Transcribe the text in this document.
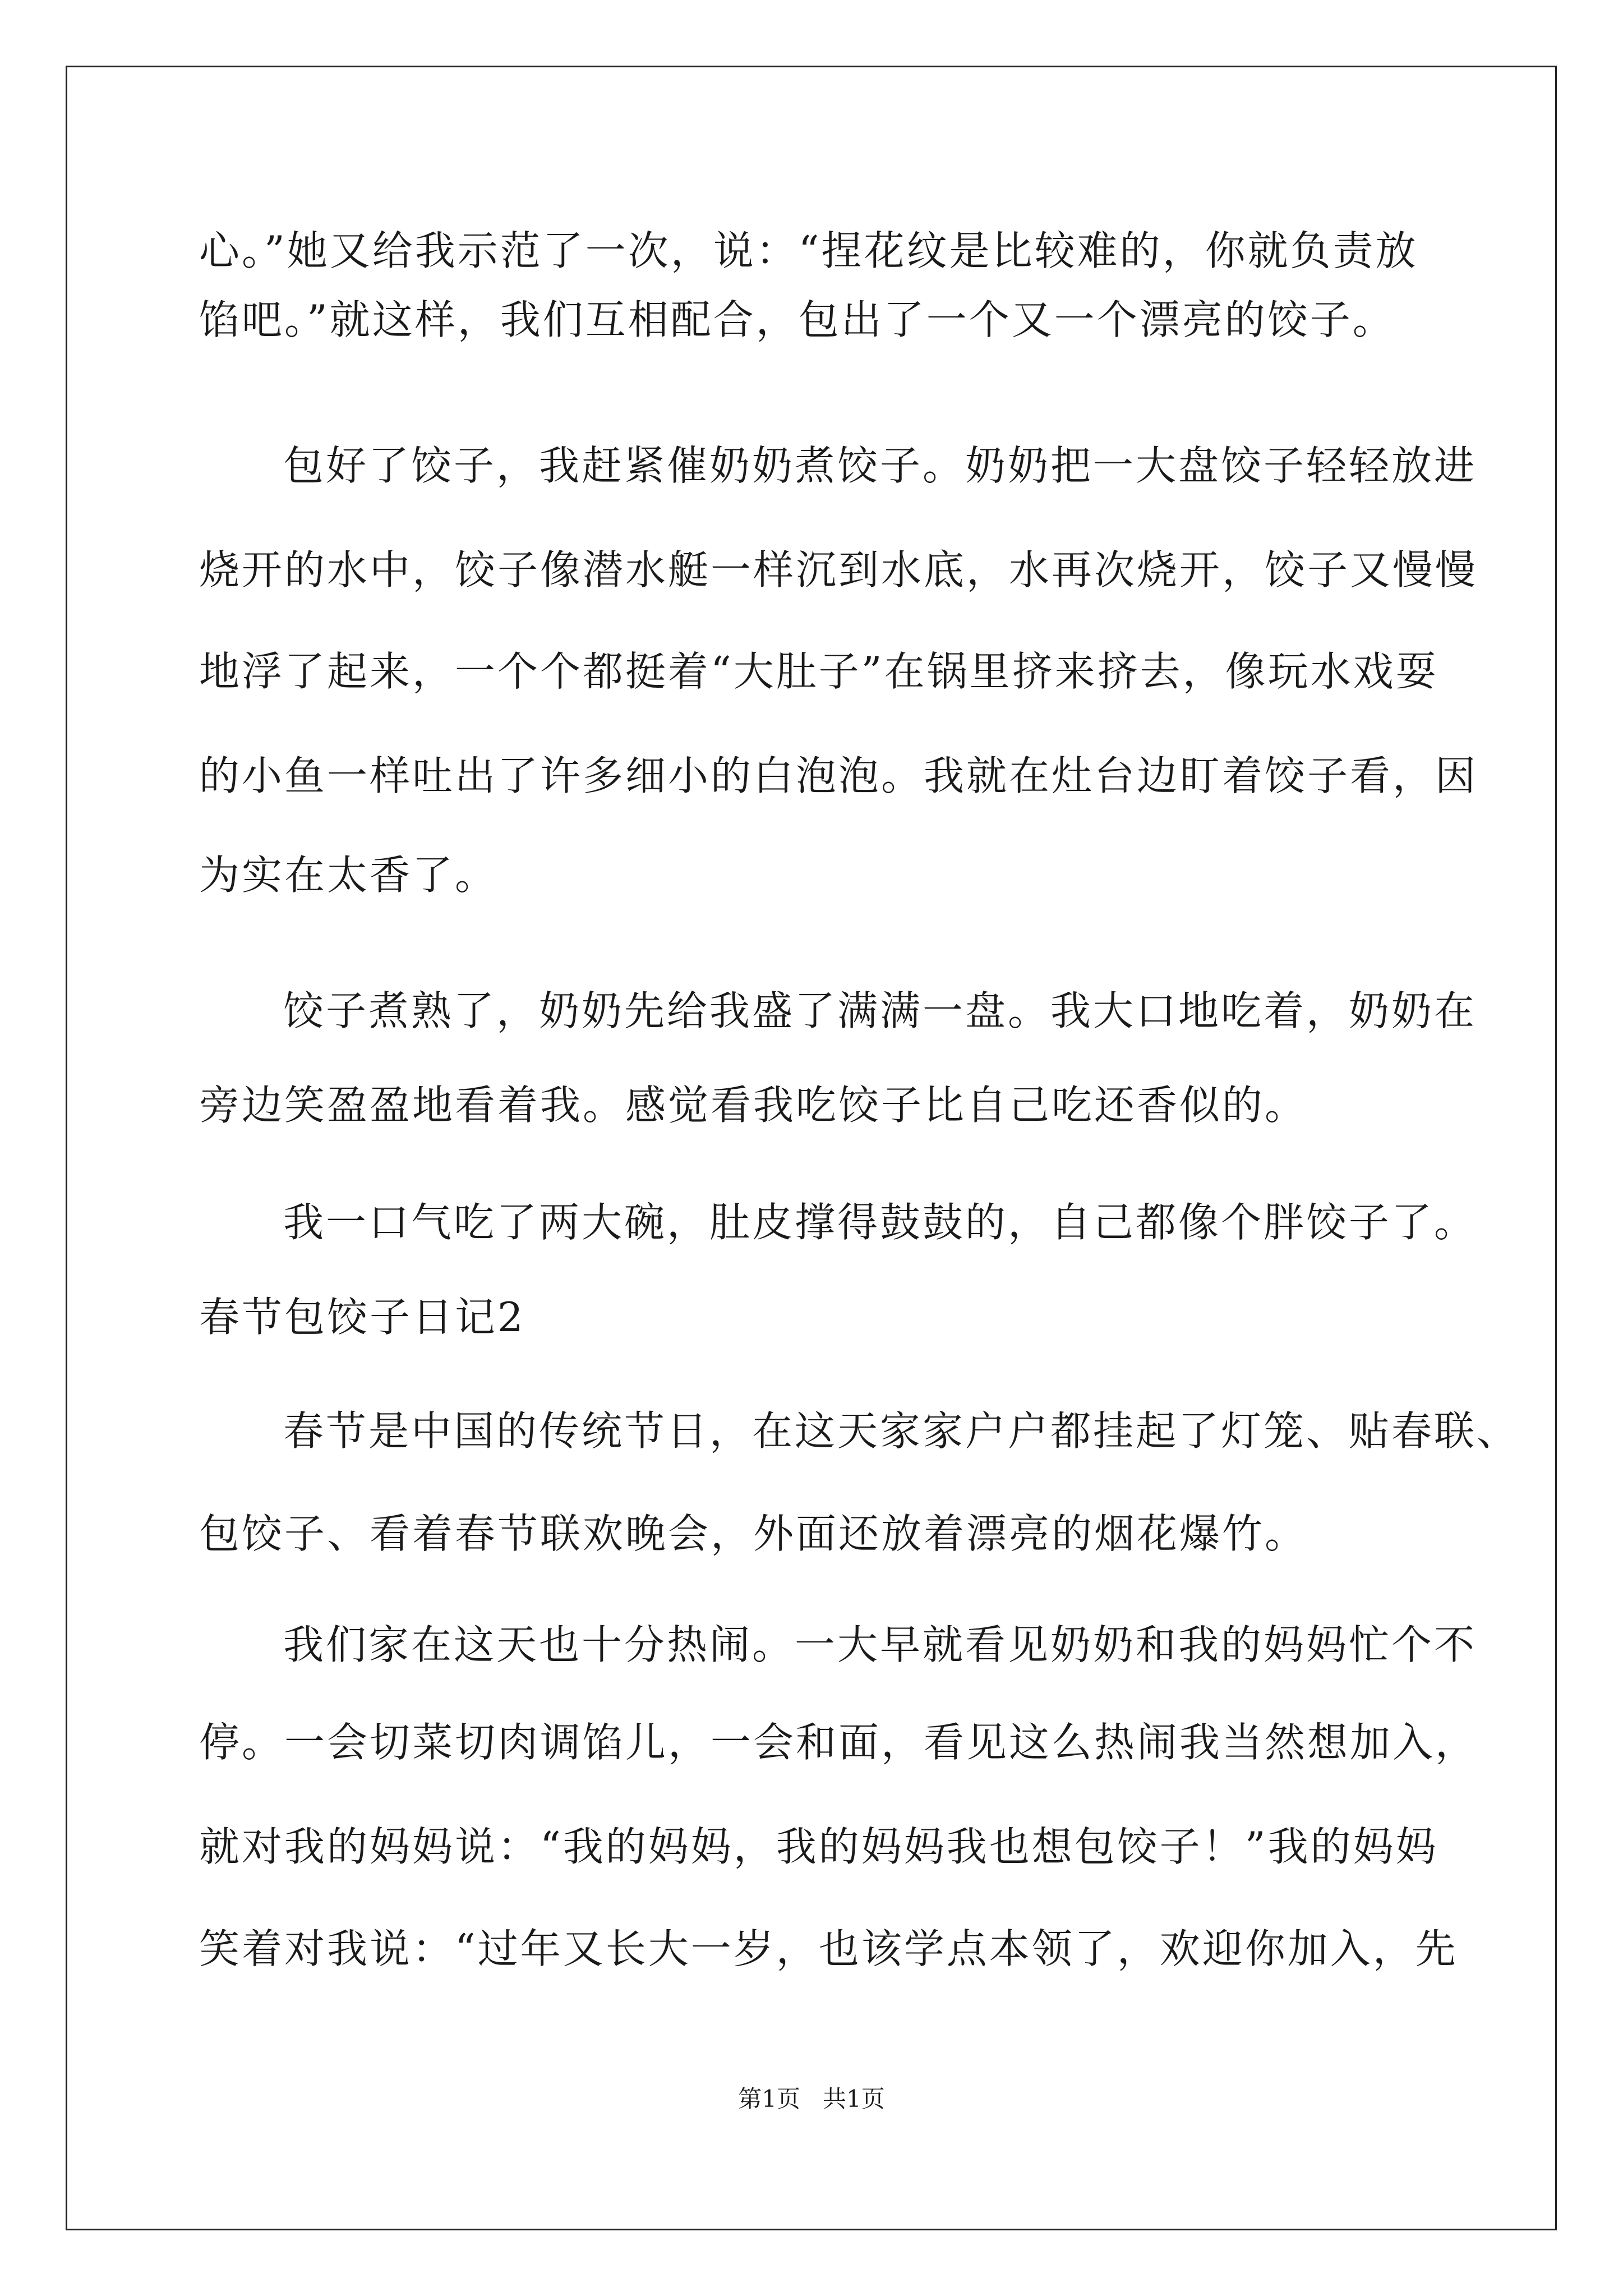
心。”她又给我示范了一次，说：“捏花纹是比较难的，你就负责放
馅吧。”就这样，我们互相配合，包出了一个又一个漂亮的饺子。
包好了饺子，我赶紧催奶奶煮饺子。奶奶把一大盘饺子轻轻放进
烧开的水中，饺子像潜水艇一样沉到水底，水再次烧开，饺子又慢慢
地浮了起来，一个个都挺着“大肚子”在锅里挤来挤去，像玩水戏耍
的小鱼一样吐出了许多细小的白泡泡。我就在灶台边盯着饺子看，因
为实在太香了。
饺子煮熟了，奶奶先给我盛了满满一盘。我大口地吃着，奶奶在
旁边笑盈盈地看着我。感觉看我吃饺子比自己吃还香似的。
我一口气吃了两大碗，肚皮撑得鼓鼓的，自己都像个胖饺子了。
春节包饺子日记2
春节是中国的传统节日，在这天家家户户都挂起了灯笼、贴春联、
包饺子、看着春节联欢晚会，外面还放着漂亮的烟花爆竹。
我们家在这天也十分热闹。一大早就看见奶奶和我的妈妈忙个不
停。一会切菜切肉调馅儿，一会和面，看见这么热闹我当然想加入，
就对我的妈妈说：“我的妈妈，我的妈妈我也想包饺子！”我的妈妈
笑着对我说：“过年又长大一岁，也该学点本领了，欢迎你加入，先
第1页   共1页
